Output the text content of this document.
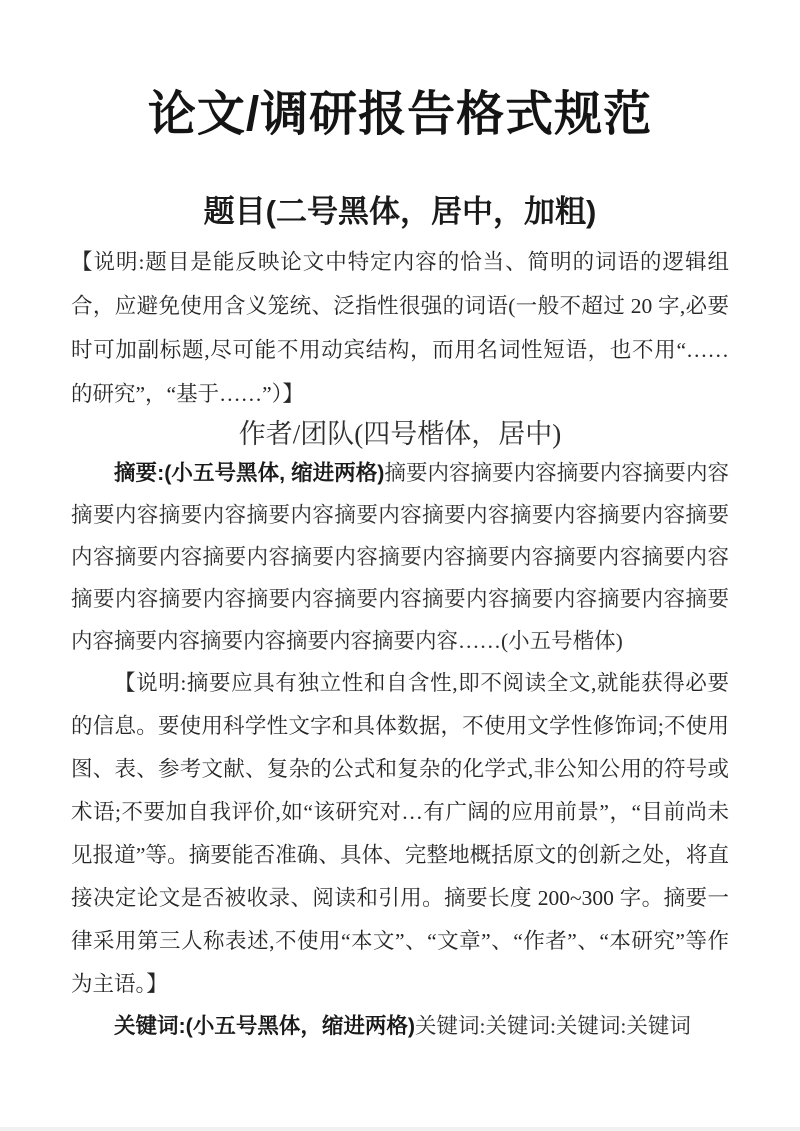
论文/调研报告格式规范
题目(二号黑体，居中，加粗)

【说明:题目是能反映论文中特定内容的恰当、简明的词语的逻辑组合，应避免使用含义笼统、泛指性很强的词语(一般不超过 20 字,必要时可加副标题,尽可能不用动宾结构，而用名词性短语，也不用“……的研究”，“基于……”）】

作者/团队(四号楷体，居中)

摘要:(小五号黑体, 缩进两格)摘要内容摘要内容摘要内容摘要内容摘要内容摘要内容摘要内容摘要内容摘要内容摘要内容摘要内容摘要内容摘要内容摘要内容摘要内容摘要内容摘要内容摘要内容摘要内容摘要内容摘要内容摘要内容摘要内容摘要内容摘要内容摘要内容摘要内容摘要内容摘要内容摘要内容摘要内容……(小五号楷体)

【说明:摘要应具有独立性和自含性,即不阅读全文,就能获得必要的信息。要使用科学性文字和具体数据，不使用文学性修饰词;不使用图、表、参考文献、复杂的公式和复杂的化学式,非公知公用的符号或术语;不要加自我评价,如“该研究对…有广阔的应用前景”，“目前尚未见报道”等。摘要能否准确、具体、完整地概括原文的创新之处，将直接决定论文是否被收录、阅读和引用。摘要长度 200~300 字。摘要一律采用第三人称表述,不使用“本文”、“文章”、“作者”、“本研究”等作为主语。】

关键词:(小五号黑体，缩进两格)关键词:关键词:关键词:关键词
